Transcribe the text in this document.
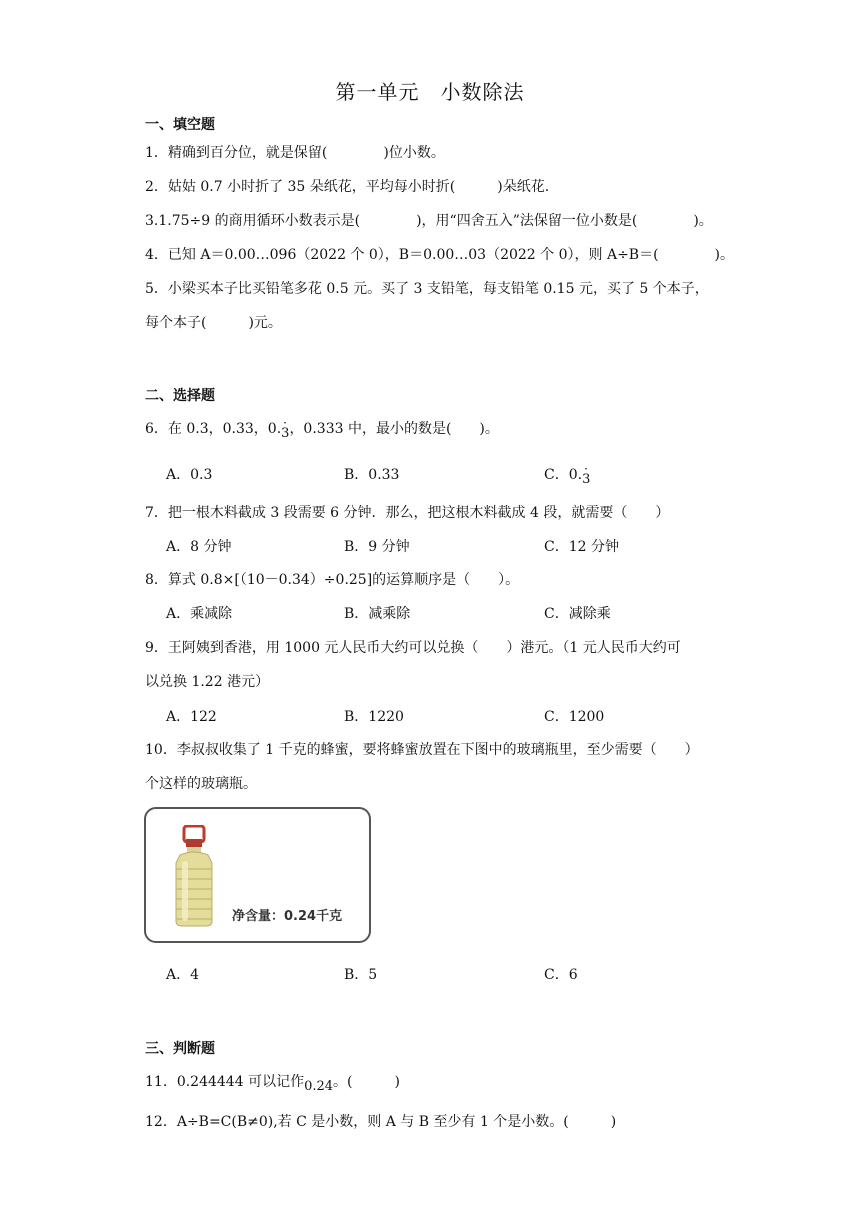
第一单元　小数除法
一、填空题
1．精确到百分位，就是保留(　　　　)位小数。
2．姑姑 0.7 小时折了 35 朵纸花，平均每小时折(　　　)朵纸花.
3.1.75÷9 的商用循环小数表示是(　　　　)，用“四舍五入”法保留一位小数是(　　　　)。
4．已知 A＝0.00…096（2022 个 0），B＝0.00…03（2022 个 0），则 A÷B＝(　　　　)。
5．小梁买本子比买铅笔多花 0.5 元。买了 3 支铅笔，每支铅笔 0.15 元，买了 5 个本子，
每个本子(　　　)元。
二、选择题
6．在 0.3，0.33，0. ·
3，0.333 中，最小的数是(　　)。
A．0.3	B．0.33	C．0. ·
3
7．把一根木料截成 3 段需要 6 分钟．那么，把这根木料截成 4 段，就需要（　　）
A．8 分钟	B．9 分钟	C．12 分钟
8．算式 0.8×[（10－0.34）÷0.25]的运算顺序是（　　）。
A．乘减除	B．减乘除	C．减除乘
9．王阿姨到香港，用 1000 元人民币大约可以兑换（　　）港元。（1 元人民币大约可
以兑换 1.22 港元）
A．122	B．1220	C．1200
10．李叔叔收集了 1 千克的蜂蜜，要将蜂蜜放置在下图中的玻璃瓶里，至少需要（　　）
个这样的玻璃瓶。
净含量：0.24千克
A．4	B．5	C．6
三、判断题
11．0.244444 可以记作0.24。(　　　)
12．A÷B=C(B≠0),若 C 是小数，则 A 与 B 至少有 1 个是小数。(　　　)
